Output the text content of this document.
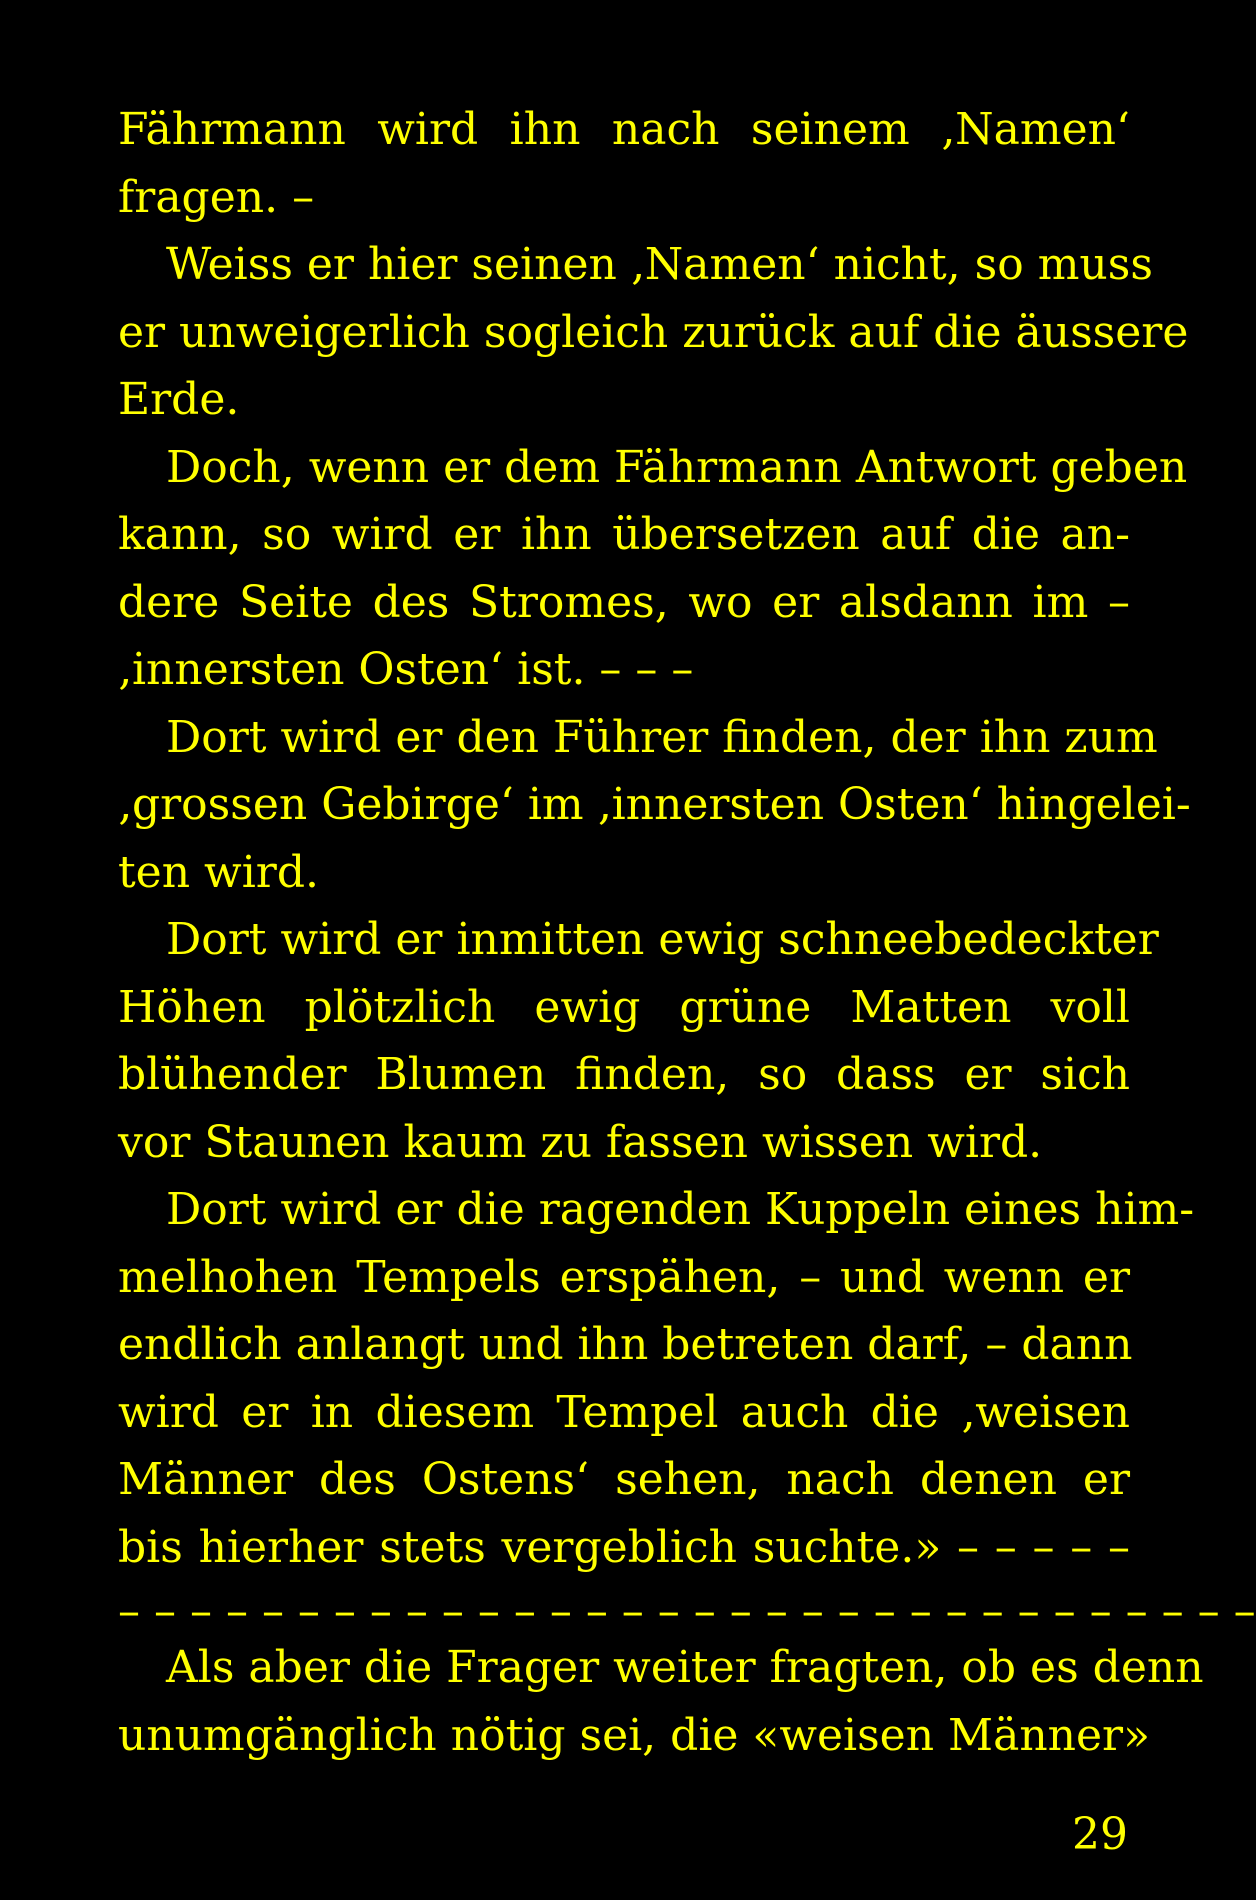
Fährmann wird ihn nach seinem ‚Namen‘
fragen. –
Weiss er hier seinen ‚Namen‘ nicht, so muss
er unweigerlich sogleich zurück auf die äussere
Erde.
Doch, wenn er dem Fährmann Antwort geben
kann, so wird er ihn übersetzen auf die an-
dere Seite des Stromes, wo er alsdann im –
‚innersten Osten‘ ist. – – –
Dort wird er den Führer finden, der ihn zum
‚grossen Gebirge‘ im ‚innersten Osten‘ hingelei-
ten wird.
Dort wird er inmitten ewig schneebedeckter
Höhen plötzlich ewig grüne Matten voll
blühender Blumen finden, so dass er sich
vor Staunen kaum zu fassen wissen wird.
Dort wird er die ragenden Kuppeln eines him-
melhohen Tempels erspähen, – und wenn er
endlich anlangt und ihn betreten darf, – dann
wird er in diesem Tempel auch die ‚weisen
Männer des Ostens‘ sehen, nach denen er
bis hierher stets vergeblich suchte.» – – – – –
– – – – – – – – – – – – – – – – – – – – – – – – – – – – – – – –
Als aber die Frager weiter fragten, ob es denn
unumgänglich nötig sei, die «weisen Männer»
29
